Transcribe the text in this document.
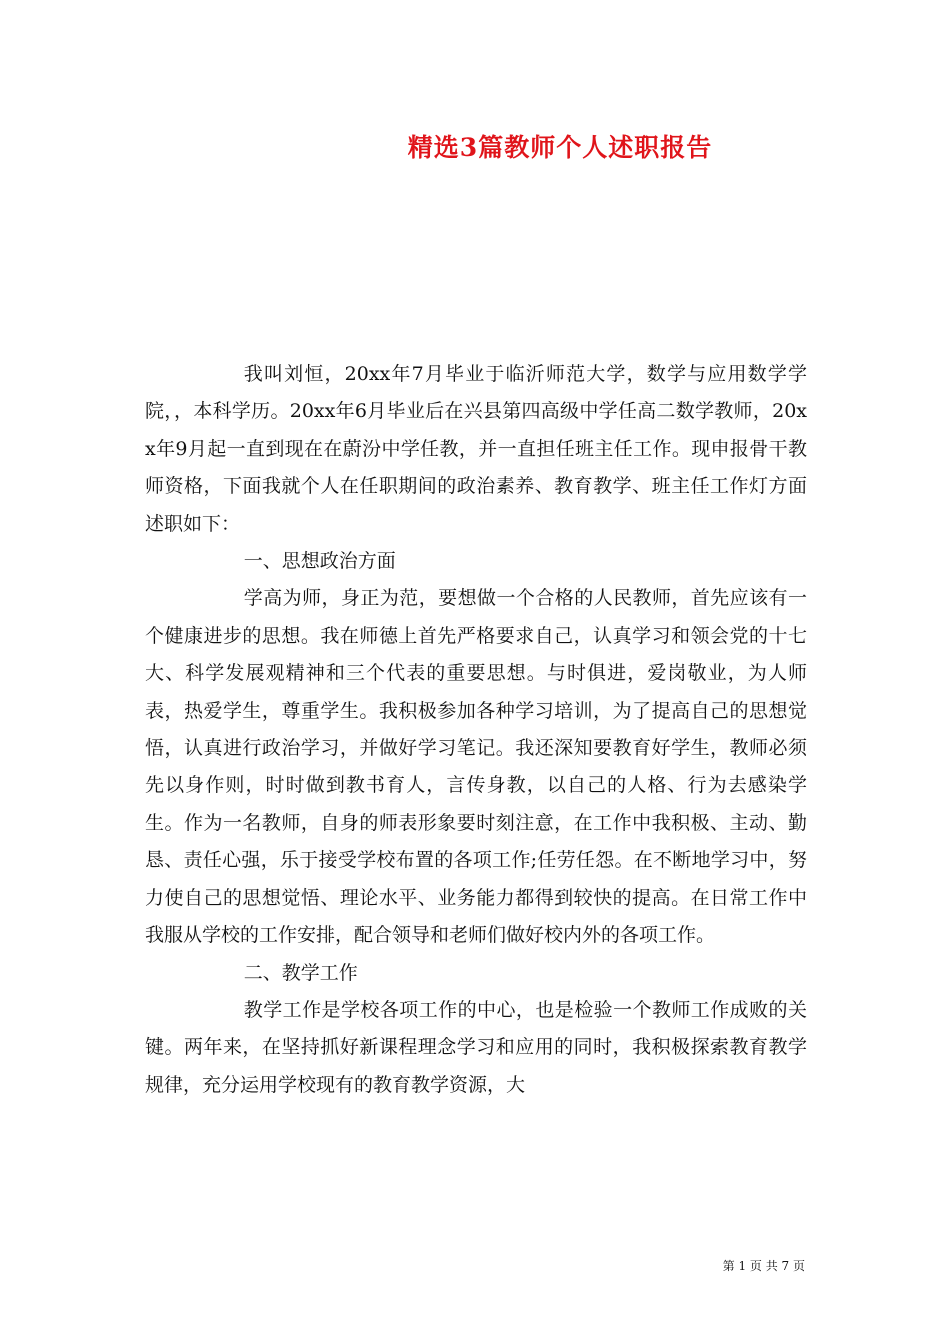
精选3篇教师个人述职报告

我叫刘恒，20xx年7月毕业于临沂师范大学，数学与应用数学学院，，本科学历。20xx年6月毕业后在兴县第四高级中学任高二数学教师，20xx年9月起一直到现在在蔚汾中学任教，并一直担任班主任工作。现申报骨干教师资格，下面我就个人在任职期间的政治素养、教育教学、班主任工作灯方面述职如下：

一、思想政治方面

学高为师，身正为范，要想做一个合格的人民教师，首先应该有一个健康进步的思想。我在师德上首先严格要求自己，认真学习和领会党的十七大、科学发展观精神和三个代表的重要思想。与时俱进，爱岗敬业，为人师表，热爱学生，尊重学生。我积极参加各种学习培训，为了提高自己的思想觉悟，认真进行政治学习，并做好学习笔记。我还深知要教育好学生，教师必须先以身作则，时时做到教书育人，言传身教，以自己的人格、行为去感染学生。作为一名教师，自身的师表形象要时刻注意，在工作中我积极、主动、勤恳、责任心强，乐于接受学校布置的各项工作;任劳任怨。在不断地学习中，努力使自己的思想觉悟、理论水平、业务能力都得到较快的提高。在日常工作中我服从学校的工作安排，配合领导和老师们做好校内外的各项工作。

二、教学工作

教学工作是学校各项工作的中心，也是检验一个教师工作成败的关键。两年来，在坚持抓好新课程理念学习和应用的同时，我积极探索教育教学规律，充分运用学校现有的教育教学资源，大

第 1 页 共 7 页
